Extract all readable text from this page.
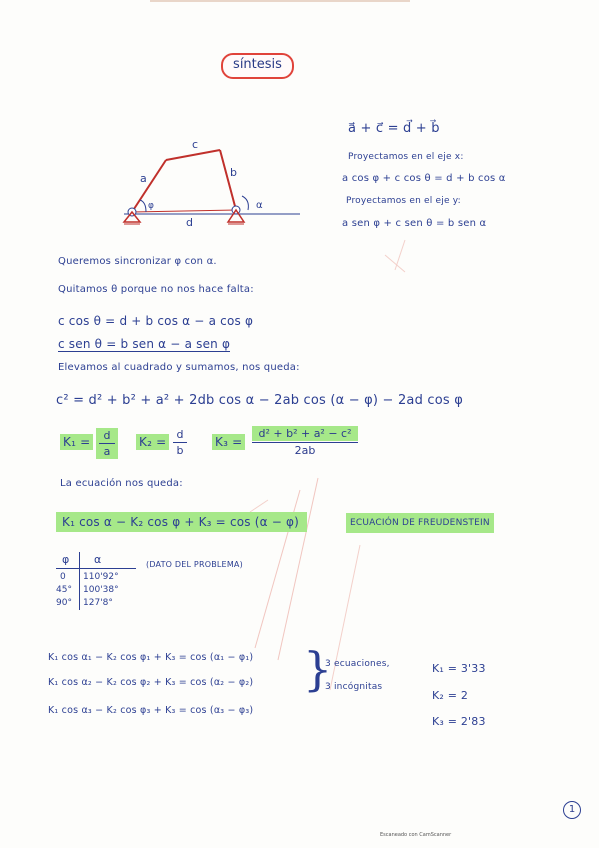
síntesis
a	b
c
d
φ	α
a⃗ + c⃗ = d⃗ + b⃗
Proyectamos en el eje x:
a cos φ + c cos θ = d + b cos α
Proyectamos en el eje y:
a sen φ + c sen θ = b sen α
Queremos sincronizar φ con α.
Quitamos θ porque no nos hace falta:
c cos θ = d + b cos α − a cos φ
c sen θ = b sen α − a sen φ
Elevamos al cuadrado y sumamos, nos queda:
c² = d² + b² + a² + 2db cos α − 2ab cos (α − φ) − 2ad cos φ
K₁ =	d
a
K₂ =
d
b
K₃ =
d² + b² + a² − c²
2ab
La ecuación nos queda:
K₁ cos α − K₂ cos φ + K₃ = cos (α − φ)	ECUACIÓN DE FREUDENSTEIN
φ α
0 110'92°
45° 100'38°
90° 127'8°
(DATO DEL PROBLEMA)
K₁ cos α₁ − K₂ cos φ₁ + K₃ = cos (α₁ − φ₁)
K₁ cos α₂ − K₂ cos φ₂ + K₃ = cos (α₂ − φ₂)
K₁ cos α₃ − K₂ cos φ₃ + K₃ = cos (α₃ − φ₃)
}
3 ecuaciones,
3 incógnitas
K₁ = 3'33
K₂ = 2
K₃ = 2'83
1
Escaneado con CamScanner
